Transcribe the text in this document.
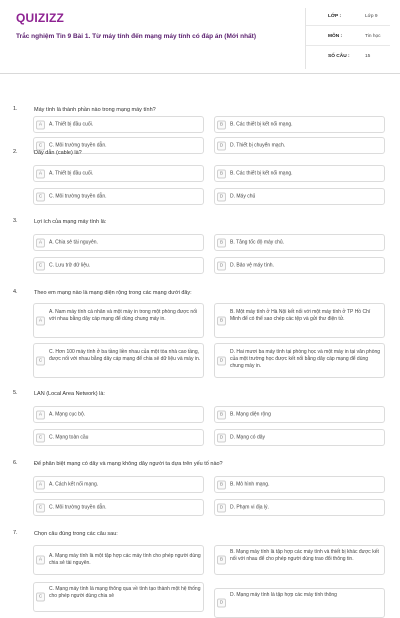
QUIZIZZ
Trắc nghiệm Tin 9 Bài 1. Từ máy tính đến mạng máy tính có đáp án (Mới nhất)
LỚP :	Lớp 9
MÔN :	Tin học
SỐ CÂU :	15
1.	Máy tính là thành phần nào trong mạng máy tính?
A	A. Thiết bị đầu cuối.	B	B. Các thiết bị kết nối mạng.
C	C. Môi trường truyền dẫn.	D	D. Thiết bị chuyển mạch.
2.	Dây dẫn (cable) là?
A	A. Thiết bị đầu cuối.	B	B. Các thiết bị kết nối mạng.
C	C. Môi trường truyền dẫn.	D	D. Máy chủ
3.	Lợi ích của mạng máy tính là:
A	A. Chia sẻ tài nguyên.	B	B. Tăng tốc độ máy chủ.
C	C. Lưu trữ dữ liệu.	D	D. Bảo vệ máy tính.
4.	Theo em mạng nào là mạng diện rộng trong các mạng dưới đây:
A
A. Nam máy tính cá nhân và một máy in trong một phòng được nối với nhau bằng dây cáp mạng để dùng chung máy in.	B
B. Một máy tính ở Hà Nội kết nối với một máy tính ở TP Hồ Chí Minh để có thể sao chép các tệp và gửi thư điện tử.
C
C. Hơn 100 máy tính ở ba tầng liền nhau của một tòa nhà cao tầng, được nối với nhau bằng dây cáp mạng để chia sẻ dữ liệu và máy in.	D
D. Hai mươi ba máy tính tại phòng học và một máy in tại văn phòng của một trường học được kết nối bằng dây cáp mạng để dùng chung máy in.
5.	LAN (Local Area Network) là:
A	A. Mạng cục bộ.	B	B. Mạng diện rộng
C	C. Mạng toàn cầu	D	D. Mạng có dây
6.	Để phân biệt mạng có dây và mạng không dây người ta dựa trên yếu tố nào?
A	A. Cách kết nối mạng.	B	B. Mô hình mạng.
C	C. Môi trường truyền dẫn.	D	D. Phạm vi địa lý.
7.	Chọn câu đúng trong các câu sau:
A
A. Mạng máy tính là một tập hợp các máy tính cho phép người dùng chia sẻ tài nguyên.	B
B. Mạng máy tính là tập hợp các máy tính và thiết bị khác được kết nối với nhau để cho phép người dùng trao đổi thông tin.
C
C. Mạng máy tính là mạng thông qua về tính tạo thành một hệ thống cho phép người dùng chia sẻ
D
D. Mạng máy tính là tập hợp các máy tính thông
